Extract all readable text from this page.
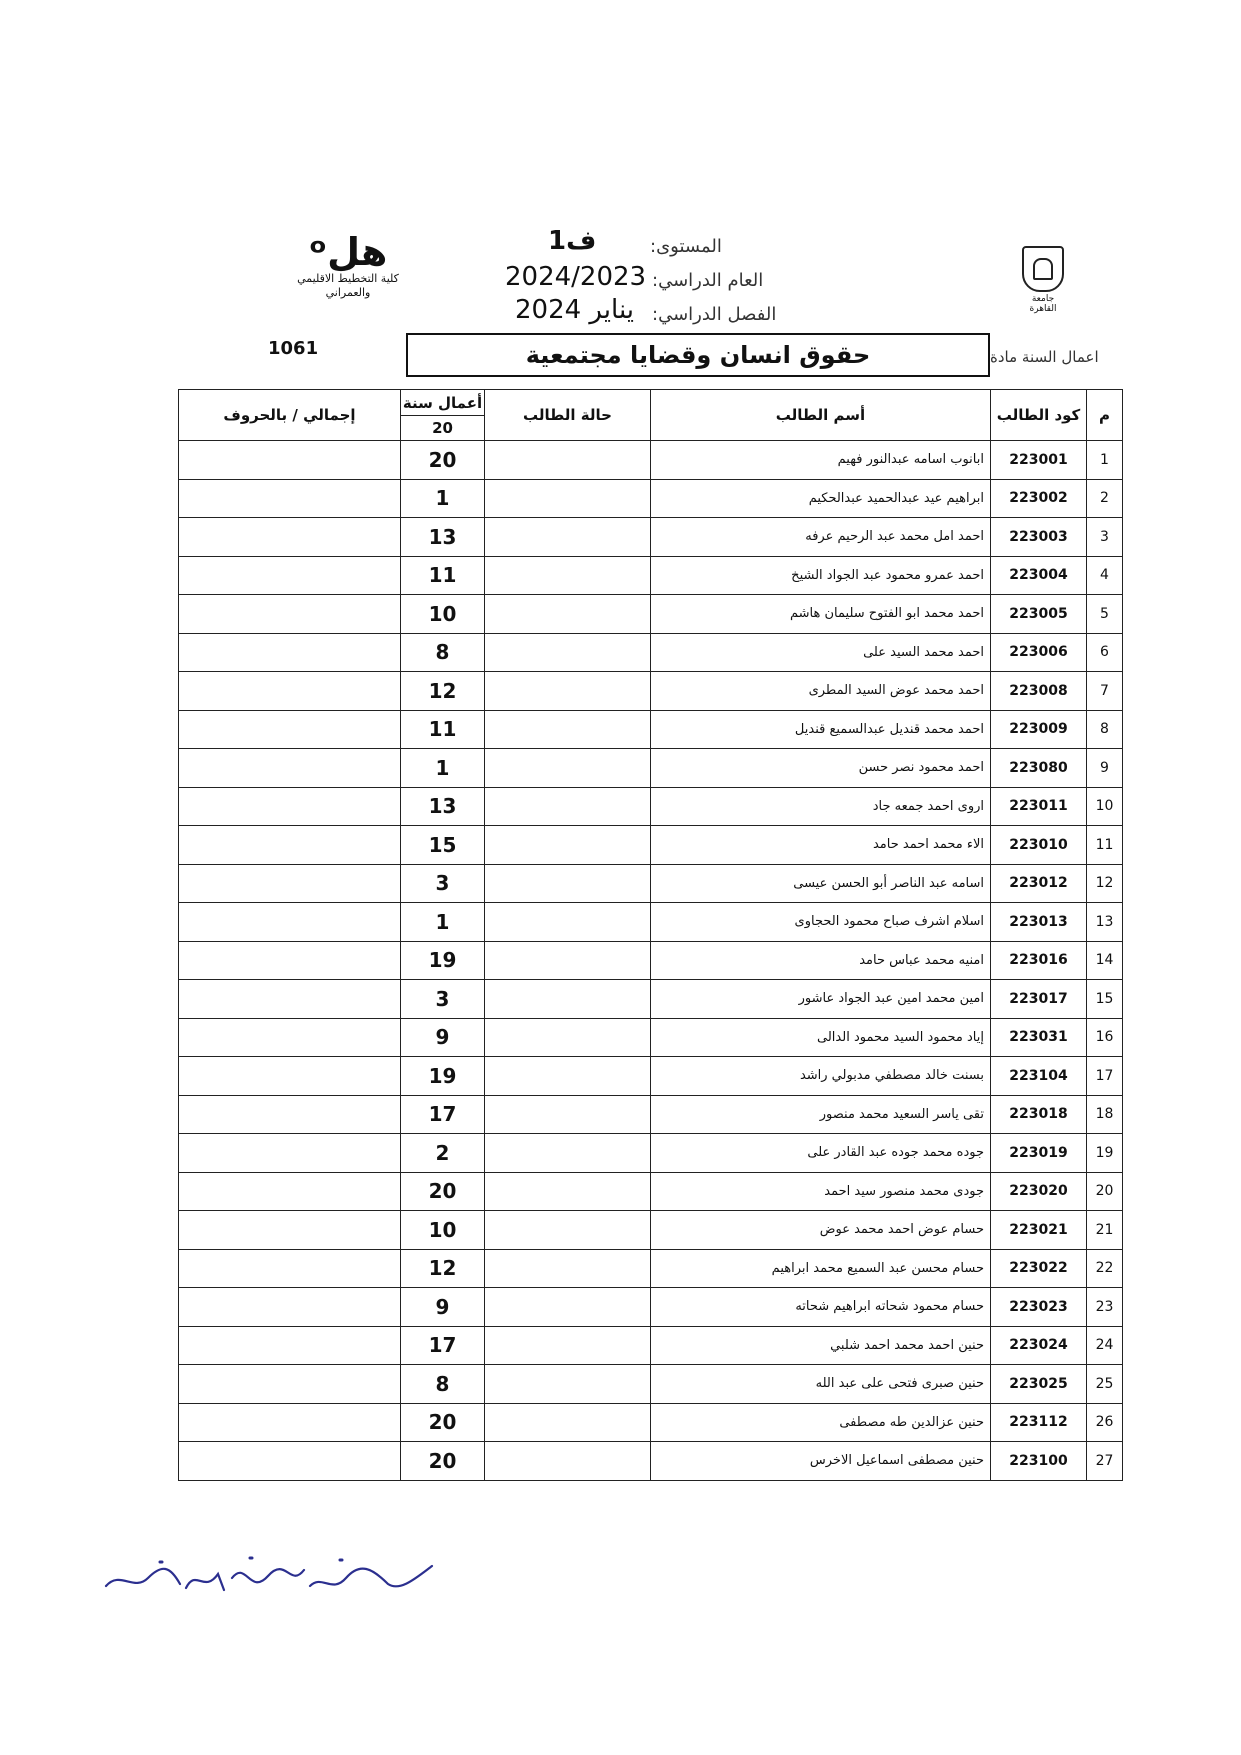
المستوى:
ف1
العام الدراسي:
2024/2023
الفصل الدراسي:
يناير 2024
ᵒهل
كلية التخطيط الاقليمي والعمراني	جامعة القاهرة
1061	حقوق انسان وقضايا مجتمعية	اعمال السنة مادة
م	كود الطالب	أسم الطالب	حالة الطالب	أعمال سنة
20	إجمالي / بالحروف
1	223001	ابانوب اسامه عبدالنور فهيم		20	
2	223002	ابراهيم عيد عبدالحميد عبدالحكيم		1	
3	223003	احمد امل محمد عبد الرحيم عرفه		13	
4	223004	احمد عمرو محمود عبد الجواد الشيخ		11	
5	223005	احمد محمد ابو الفتوح سليمان هاشم		10	
6	223006	احمد محمد السيد على		8	
7	223008	احمد محمد عوض السيد المطرى		12	
8	223009	احمد محمد قنديل عبدالسميع قنديل		11	
9	223080	احمد محمود نصر حسن		1	
10	223011	اروى احمد جمعه جاد		13	
11	223010	الاء محمد احمد حامد		15	
12	223012	اسامه عبد الناصر أبو الحسن عيسى		3	
13	223013	اسلام اشرف صباح محمود الحجاوى		1	
14	223016	امنيه محمد عباس حامد		19	
15	223017	امين محمد امين عبد الجواد عاشور		3	
16	223031	إياد محمود السيد محمود الدالى		9	
17	223104	بسنت خالد مصطفي مدبولي راشد		19	
18	223018	تقى ياسر السعيد محمد منصور		17	
19	223019	جوده محمد جوده عبد القادر على		2	
20	223020	جودى محمد منصور سيد احمد		20	
21	223021	حسام عوض احمد محمد عوض		10	
22	223022	حسام محسن عبد السميع محمد ابراهيم		12	
23	223023	حسام محمود شحاته ابراهيم شحاته		9	
24	223024	حنين احمد محمد احمد شلبي		17	
25	223025	حنين صبرى فتحى على عبد الله		8	
26	223112	حنين عزالدين طه مصطفى		20	
27	223100	حنين مصطفى اسماعيل الاخرس		20	
